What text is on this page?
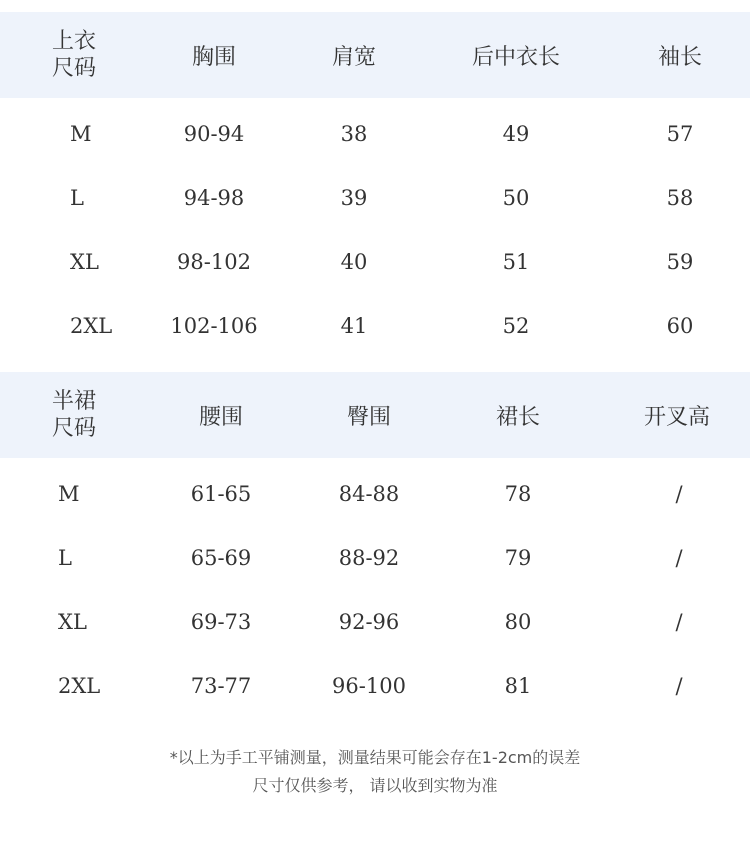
上衣
尺码	胸围	肩宽	后中衣长	袖长
M	90-94	38	49	57
L	94-98	39	50	58
XL	98-102	40	51	59
2XL	102-106	41	52	60
半裙
尺码	腰围	臀围	裙长	开叉高
M	61-65	84-88	78	/
L	65-69	88-92	79	/
XL	69-73	92-96	80	/
2XL	73-77	96-100	81	/
*以上为手工平铺测量，测量结果可能会存在1-2cm的误差
尺寸仅供参考， 请以收到实物为准
